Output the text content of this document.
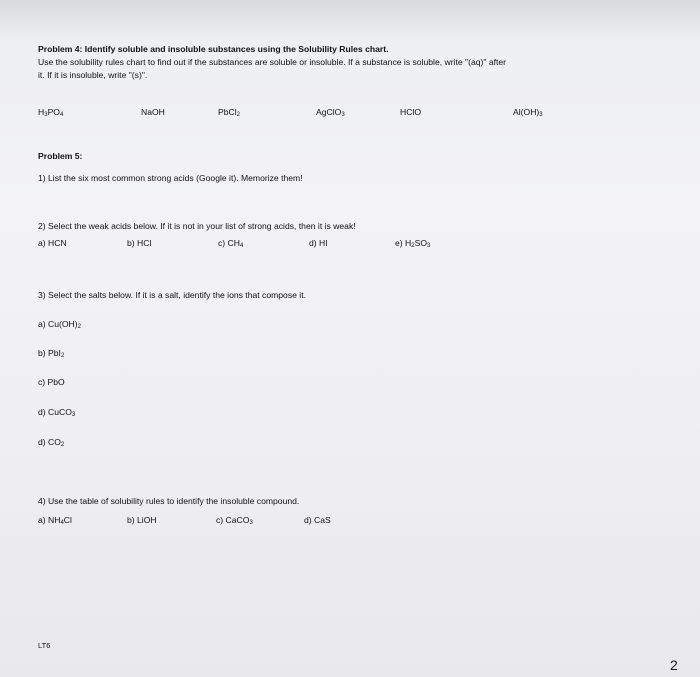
Problem 4: Identify soluble and insoluble substances using the Solubility Rules chart.
Use the solubility rules chart to find out if the substances are soluble or insoluble. If a substance is soluble, write "(aq)" after
it. If it is insoluble, write "(s)".
$H_3PO_4$	NaOH	PbCl$_2$	AgClO$_3$	HClO	$Al(OH)_3$
Problem 5:
1) List the six most common strong acids (Google it). Memorize them!
2) Select the weak acids below. If it is not in your list of strong acids, then it is weak!
a) HCN	b) HCl	c) $CH_4$	d) HI	e) $H_2SO_3$
3) Select the salts below. If it is a salt, identify the ions that compose it.
a) $Cu(OH)_2$
b) PbI$_2$
c) PbO
d) CuCO$_3$
d) $CO_2$
4) Use the table of solubility rules to identify the insoluble compound.
a) $NH_4Cl$	b) LiOH	c) CaCO$_3$	d) CaS
LT6
2
